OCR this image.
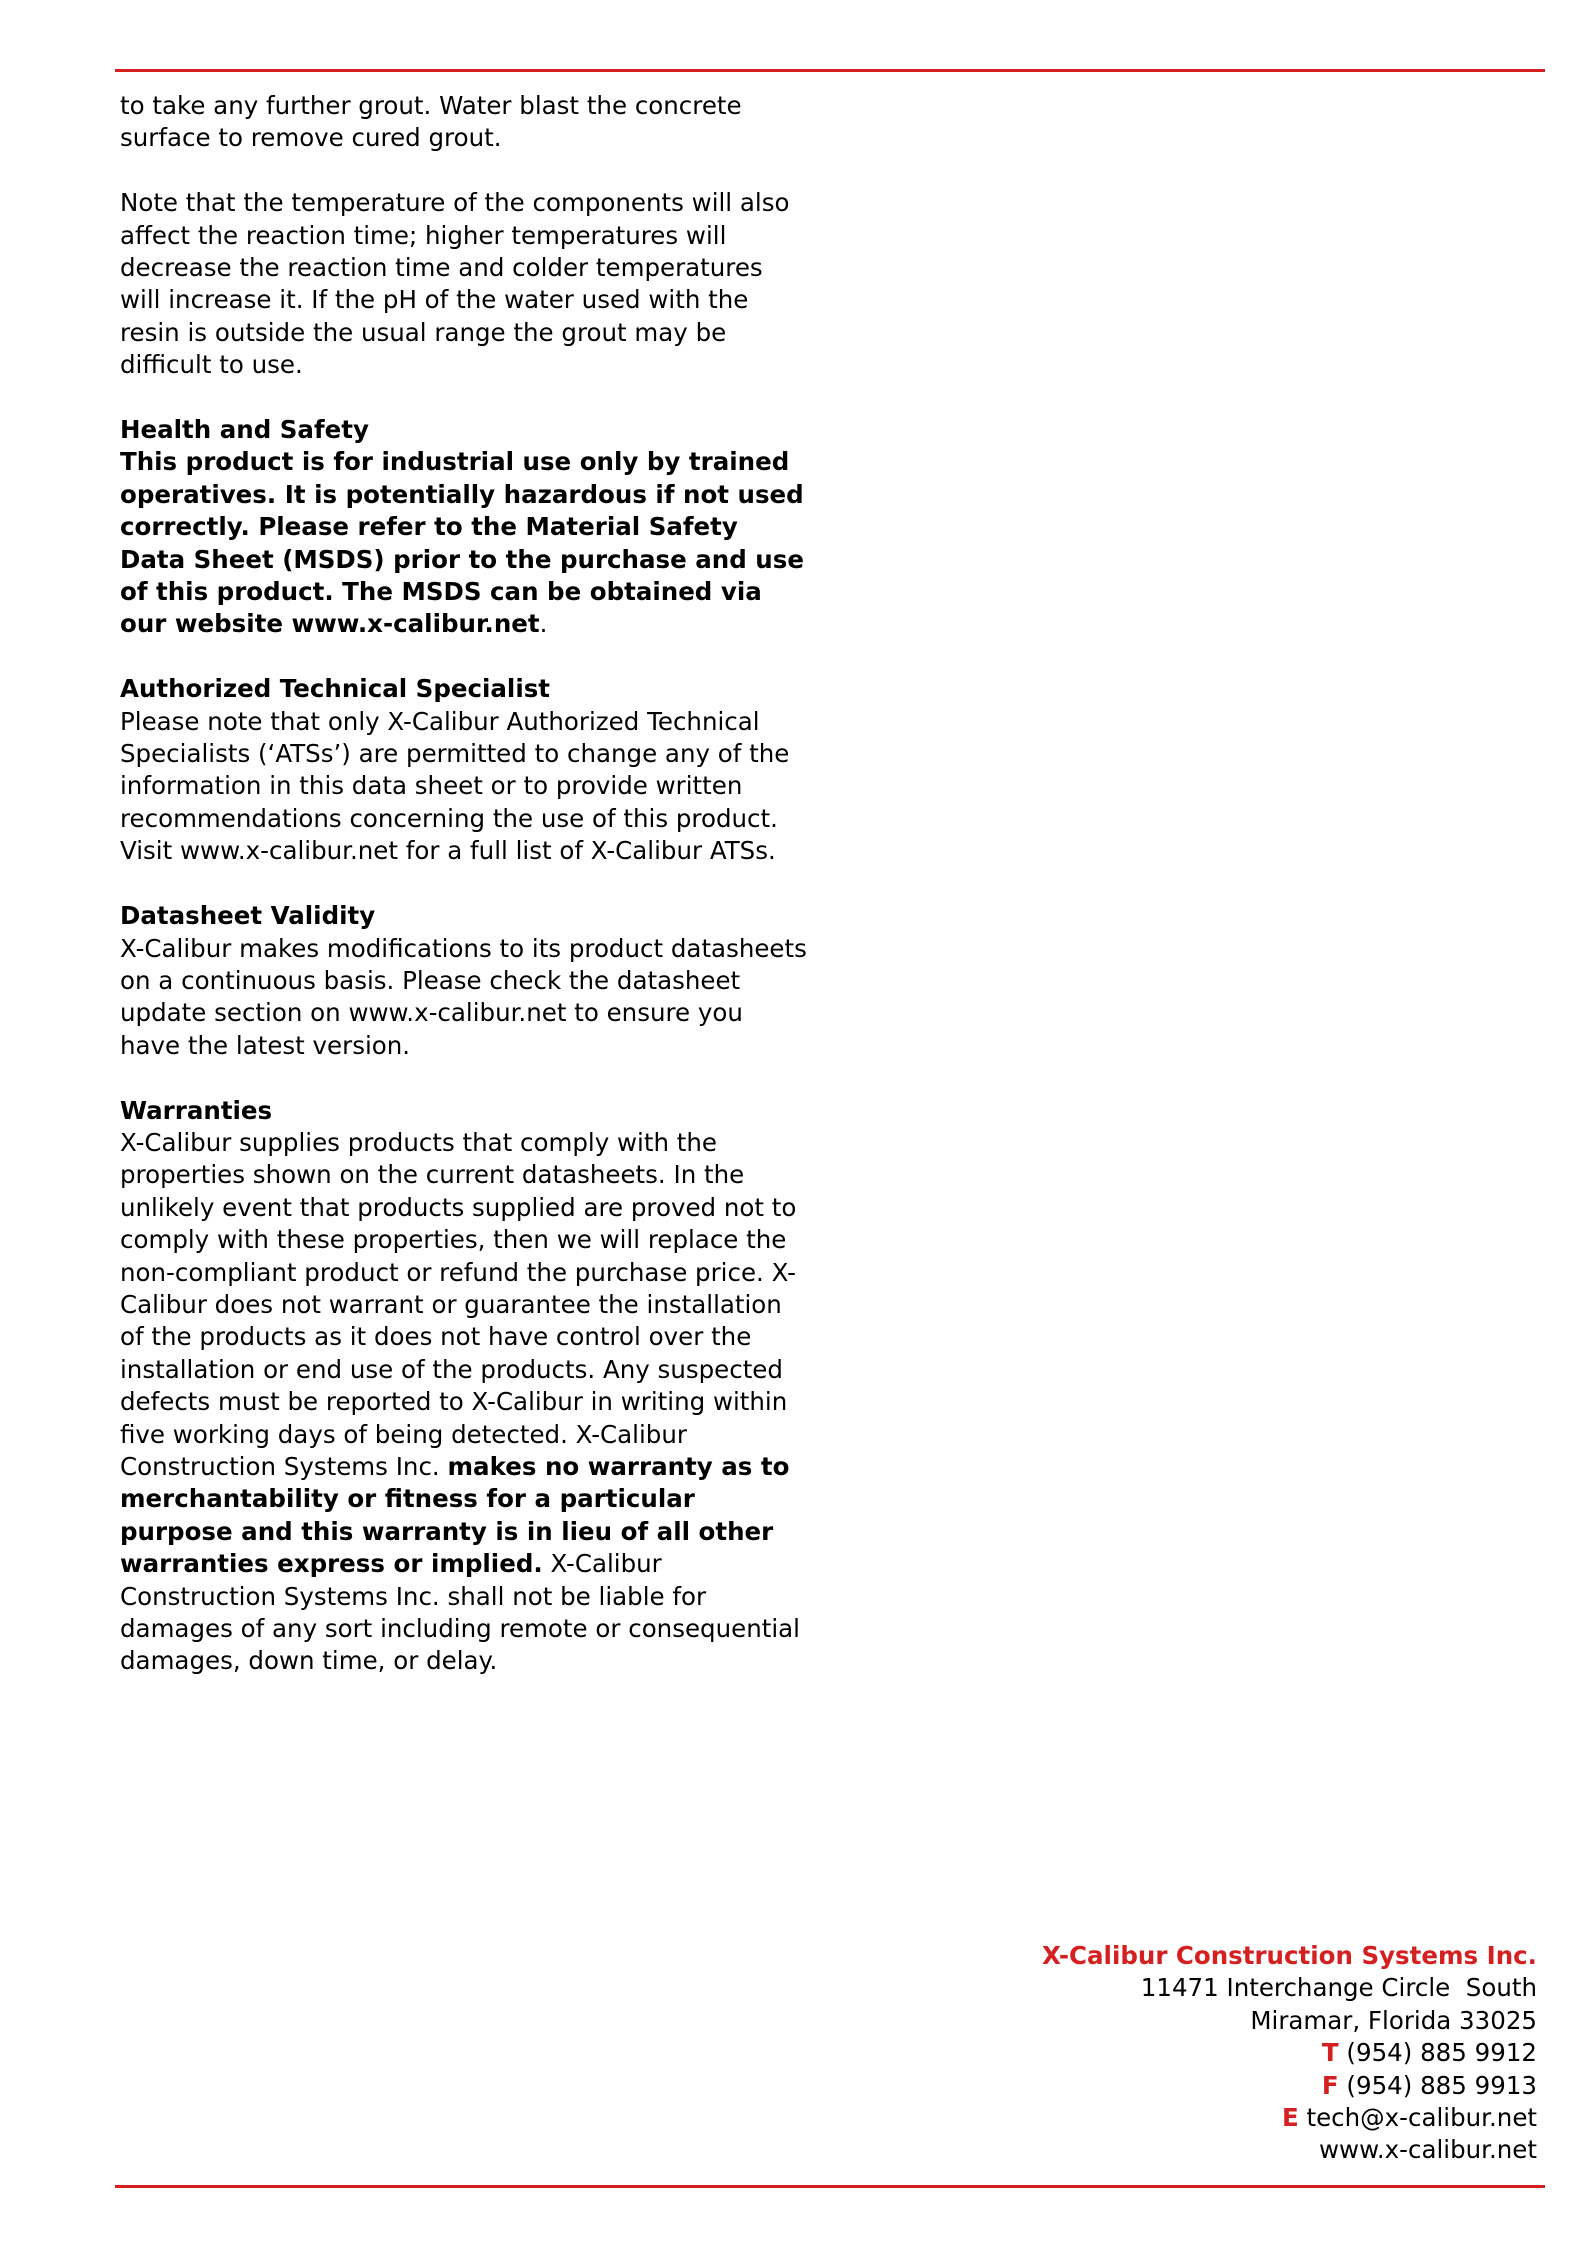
to take any further grout. Water blast the concrete surface to remove cured grout.

Note that the temperature of the components will also affect the reaction time; higher temperatures will decrease the reaction time and colder temperatures will increase it. If the pH of the water used with the resin is outside the usual range the grout may be difficult to use.

Health and Safety

This product is for industrial use only by trained operatives. It is potentially hazardous if not used correctly. Please refer to the Material Safety Data Sheet (MSDS) prior to the purchase and use of this product. The MSDS can be obtained via our website www.x-calibur.net.

Authorized Technical Specialist

Please note that only X-Calibur Authorized Technical Specialists (‘ATSs’) are permitted to change any of the information in this data sheet or to provide written recommendations concerning the use of this product. Visit www.x-calibur.net for a full list of X-Calibur ATSs.

Datasheet Validity

X-Calibur makes modifications to its product datasheets on a continuous basis. Please check the datasheet update section on www.x-calibur.net to ensure you have the latest version.

Warranties

X-Calibur supplies products that comply with the properties shown on the current datasheets. In the unlikely event that products supplied are proved not to comply with these properties, then we will replace the non-compliant product or refund the purchase price. X-Calibur does not warrant or guarantee the installation of the products as it does not have control over the installation or end use of the products. Any suspected defects must be reported to X-Calibur in writing within five working days of being detected. X-Calibur Construction Systems Inc. makes no warranty as to merchantability or fitness for a particular purpose and this warranty is in lieu of all other warranties express or implied. X-Calibur Construction Systems Inc. shall not be liable for damages of any sort including remote or consequential damages, down time, or delay.

X-Calibur Construction Systems Inc.
11471 Interchange Circle  South
Miramar, Florida 33025
T (954) 885 9912
F (954) 885 9913
E tech@x-calibur.net
www.x-calibur.net
